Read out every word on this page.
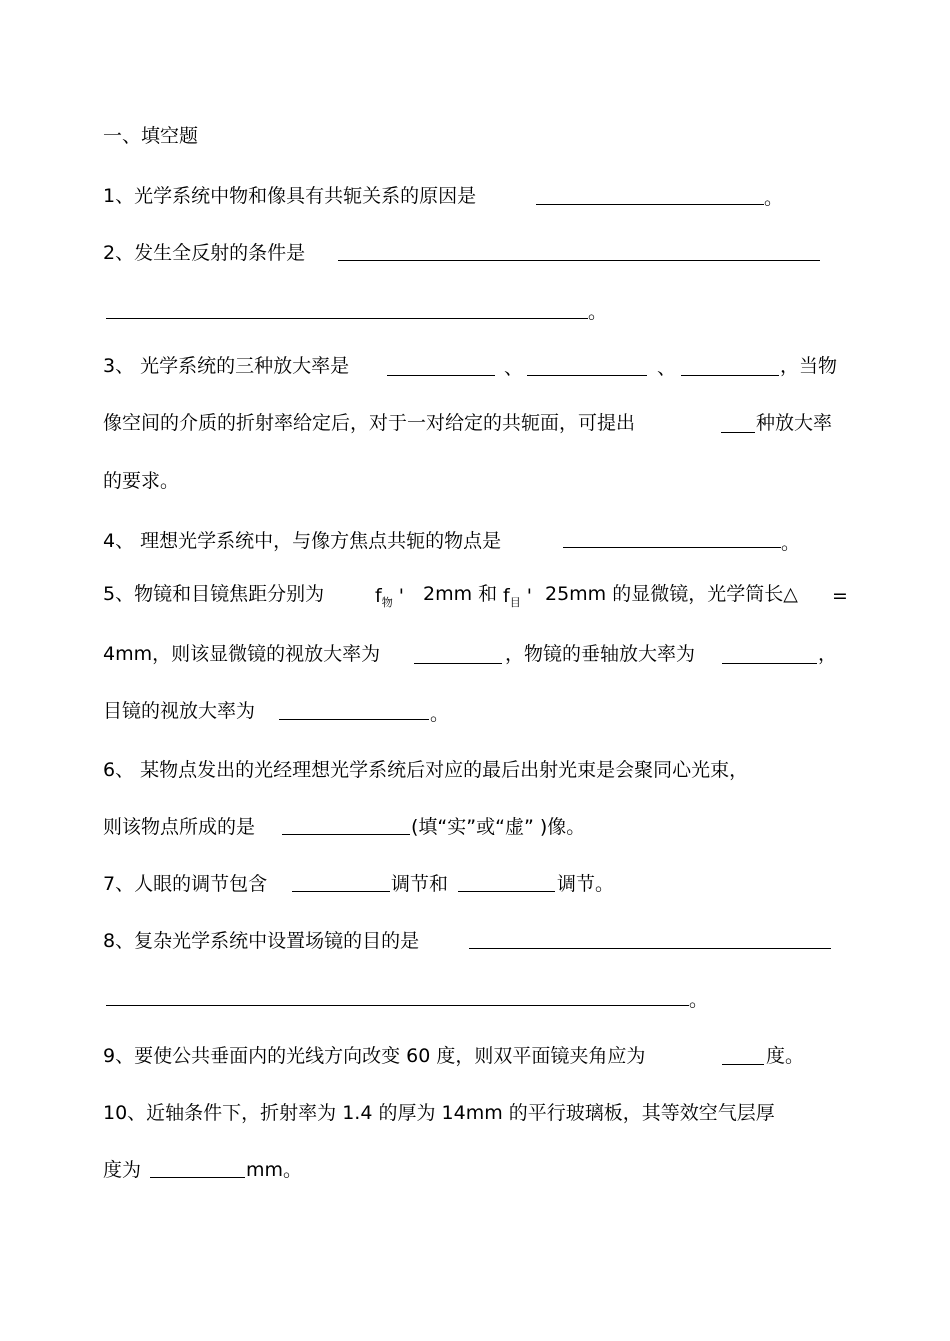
一、填空题
1、光学系统中物和像具有共轭关系的原因是	。
2、发生全反射的条件是
。
3、 光学系统的三种放大率是	、	、	，当物
像空间的介质的折射率给定后，对于一对给定的共轭面，可提出	种放大率
的要求。
4、 理想光学系统中，与像方焦点共轭的物点是	。
5、物镜和目镜焦距分别为	$f_物$ ' 2mm 和 $f_目$ ' 25mm 的显微镜，光学筒长△ =
4mm，则该显微镜的视放大率为	，物镜的垂轴放大率为	，
目镜的视放大率为	。
6、 某物点发出的光经理想光学系统后对应的最后出射光束是会聚同心光束，
则该物点所成的是	(填“实”或“虚” )像。
7、人眼的调节包含	调节和	调节。
8、复杂光学系统中设置场镜的目的是
。
9、要使公共垂面内的光线方向改变 60 度，则双平面镜夹角应为	度。
10、近轴条件下，折射率为 1.4 的厚为 14mm 的平行玻璃板，其等效空气层厚
度为	mm。
